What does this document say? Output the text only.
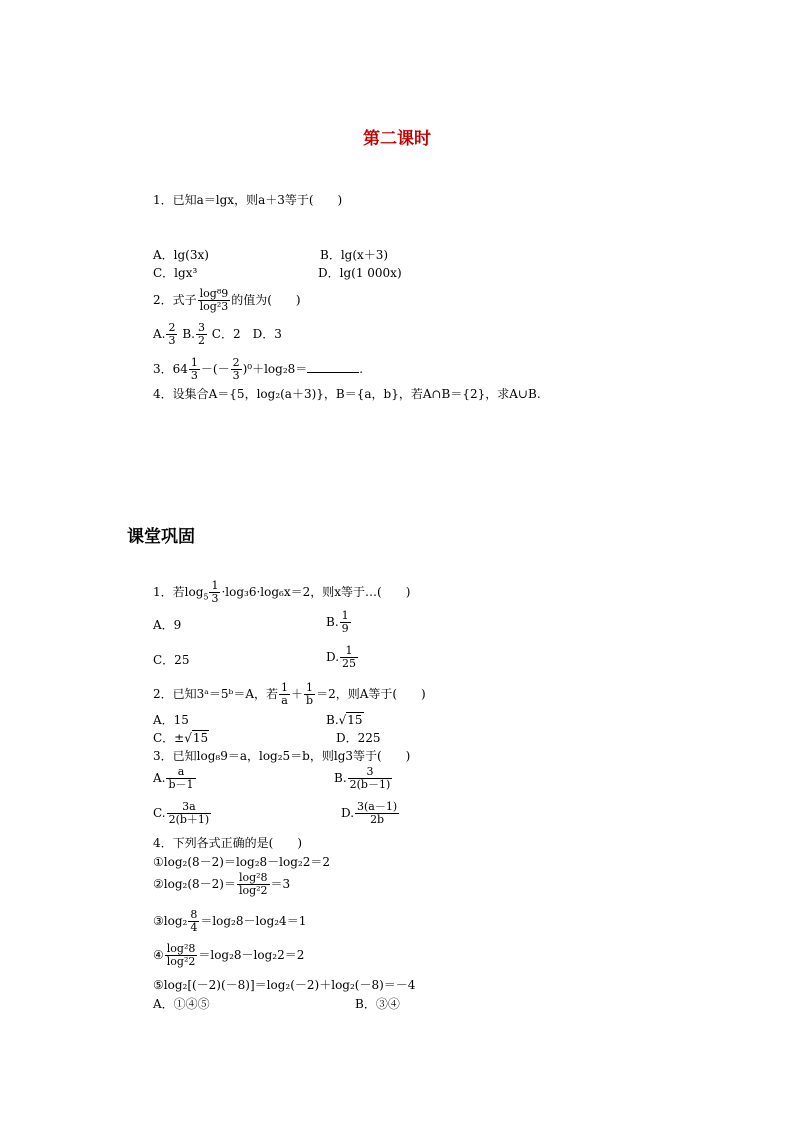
第二课时
1．已知a＝lgx，则a＋3等于(　　)
A．lg(3x)	B．lg(x＋3)
C．lgx³	D．lg(1 000x)
2．式子 $\frac{\text{log⁸9}}{\text{log²3}}$ 的值为(　　)
A. $\frac{2}{3} B$. $\frac{3}{2}$ C．2　D．3
3．$64 \frac{1}{3}$ －(－ $\frac{2}{3} )^0+\log_28=$	.
4．设集合A＝{5，log₂(a＋3)}，B＝{a，b}，若A∩B＝{2}，求A∪B.
课堂巩固
1．若$\log_5 \frac{1}{3} \cdot\log_36\cdot\log_6x=2$，则x等于…(　　)
A．9	B. $\frac{1}{9}$
C．25	D. $\frac{1}{25}$
2．已知3ᵃ＝5ᵇ＝A，若 $\frac{1}{a} + \frac{1}{b} =2$，则A等于(　　)
A．15	B.√15
C．±√15	D．225
3．已知log₈9＝a，log₂5＝b，则lg3等于(　　)
A. $\frac{a}{b-1}$	B. $\frac{3}{2(b-1)}$
C. $\frac{3a}{2(b+1)}$	D. $\frac{3(a-1)}{2b}$
4．下列各式正确的是(　　)
①log₂(8－2)＝log₂8－log₂2＝2
②log₂(8－2)＝ $\frac{\text{log²8}}{\text{log²2}} =3$
③log₂ $\frac{8}{4} =\log_28-\log_24=1$
④ $\frac{\text{log²8}}{\text{log²2}} =\log_28-\log_22=2$
⑤log₂[(－2)(－8)]＝log₂(－2)＋log₂(－8)＝－4
A．①④⑤	B．③④
